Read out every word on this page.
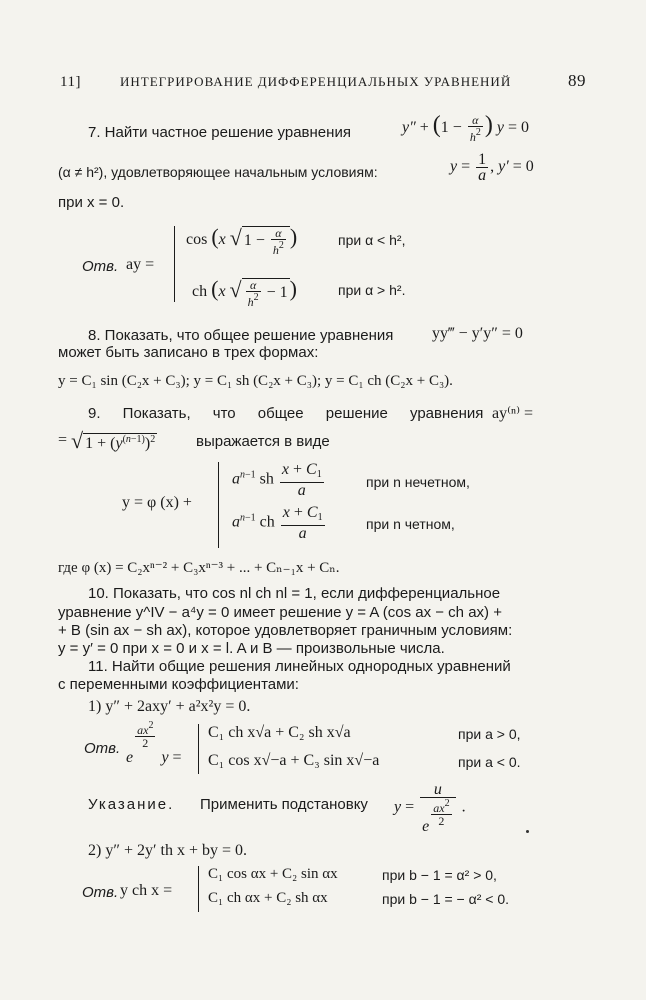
11]	ИНТЕГРИРОВАНИЕ ДИФФЕРЕНЦИАЛЬНЫХ УРАВНЕНИЙ	89
7. Найти частное решение уравнения	$y'' + (1 - \frac{\alpha}{h^2}$ ) y = 0
(α ≠ h²), удовлетворяющее начальным условиям:	$y = \frac{1}{a}$ , y′ = 0
при x = 0.
Отв. ay =
cos (x √ $1 - \frac{\alpha}{h^2}$ )	при α < h²,
ch (x √ $\frac{\alpha}{h^2} - 1$)	при α > h².
8. Показать, что общее решение уравнения yy‴ − y′y″ = 0
может быть записано в трех формах:
y = C₁ sin (C₂x + C₃); y = C₁ sh (C₂x + C₃); y = C₁ ch (C₂x + C₃).
9. Показать, что общее решение уравнения ay⁽ⁿ⁾ =
= √ $1 + (y^{(n-1)})^2$	выражается в виде
y = φ (x) +
$a^{n-1}$ sh $\frac{x + C_1}{a}$	при n нечетном,
$a^{n-1}$ ch $\frac{x + C_1}{a}$	при n четном,
где φ (x) = C₂xⁿ⁻² + C₃xⁿ⁻³ + ... + Cₙ₋₁x + Cₙ.
10. Показать, что cos nl ch nl = 1, если дифференциальное
уравнение y^IV − a⁴y = 0 имеет решение y = A (cos ax − ch ax) +
+ B (sin ax − sh ax), которое удовлетворяет граничным условиям:
y = y′ = 0 при x = 0 и x = l. A и B — произвольные числа.
11. Найти общие решения линейных однородных уравнений
с переменными коэффициентами:
1) y″ + 2axy′ + a²x²y = 0.
Отв.
e
$\frac{ax^2}{2}$
y =
C₁ ch x√a + C₂ sh x√a	при a > 0,
C₁ cos x√−a + C₃ sin x√−a	при a < 0.
Указание. Применить подстановку $y = \frac{u}{e \frac{ax^2}{2}}$ .
2) y″ + 2y′ th x + by = 0.
Отв. y ch x =
C₁ cos αx + C₂ sin αx	при b − 1 = α² > 0,
C₁ ch αx + C₂ sh αx	при b − 1 = − α² < 0.
